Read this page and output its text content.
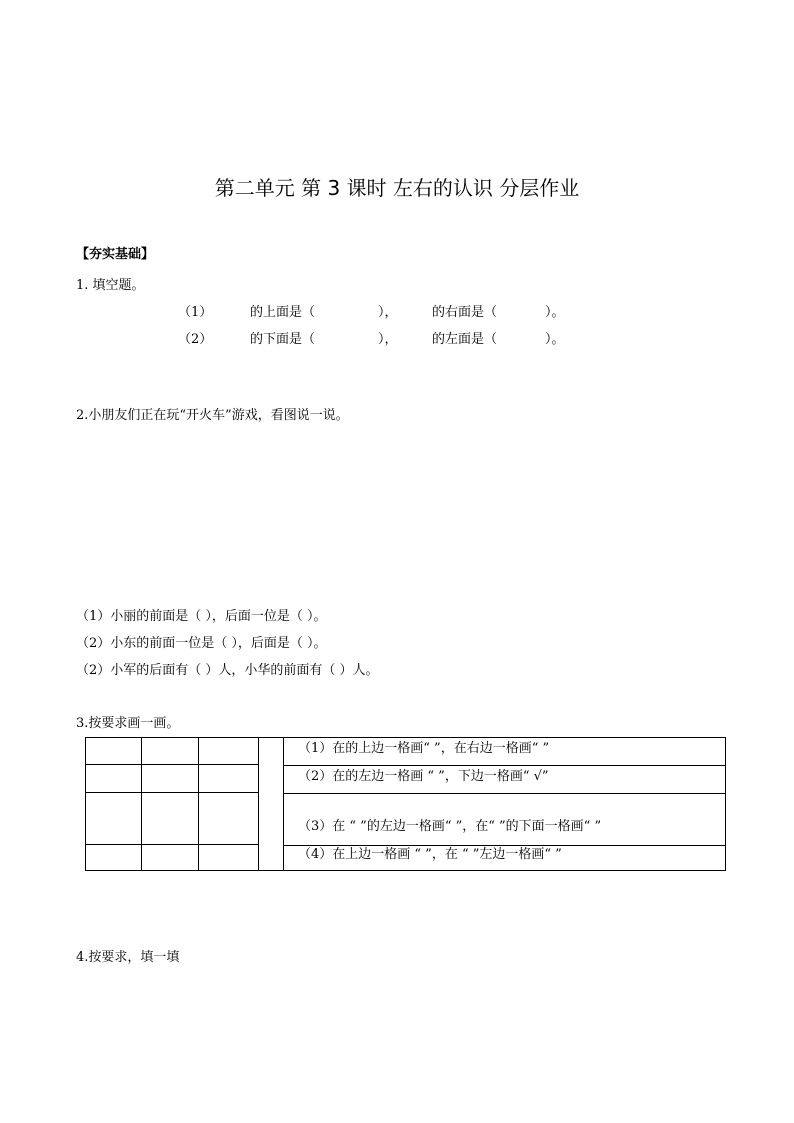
第二单元 第 3 课时 左右的认识 分层作业
【夯实基础】
1. 填空题。
（1）	的上面是（	），	的右面是（	）。
（2）	的下面是（	），	的左面是（	）。
2.小朋友们正在玩“开火车”游戏，看图说一说。
（1）小丽的前面是（ ），后面一位是（ ）。
（2）小东的前面一位是（ ），后面是（ ）。
（2）小军的后面有（ ）人，小华的前面有（ ）人。
3.按要求画一画。

（1）在的上边一格画“ ”，在右边一格画“ ”
（2）在的左边一格画 “ ”，下边一格画“ √”
（3）在 “ ”的左边一格画“ ”，在“ ”的下面一格画“ ”
（4）在上边一格画 “ ”，在 “ ”左边一格画“ ”
4.按要求，填一填
